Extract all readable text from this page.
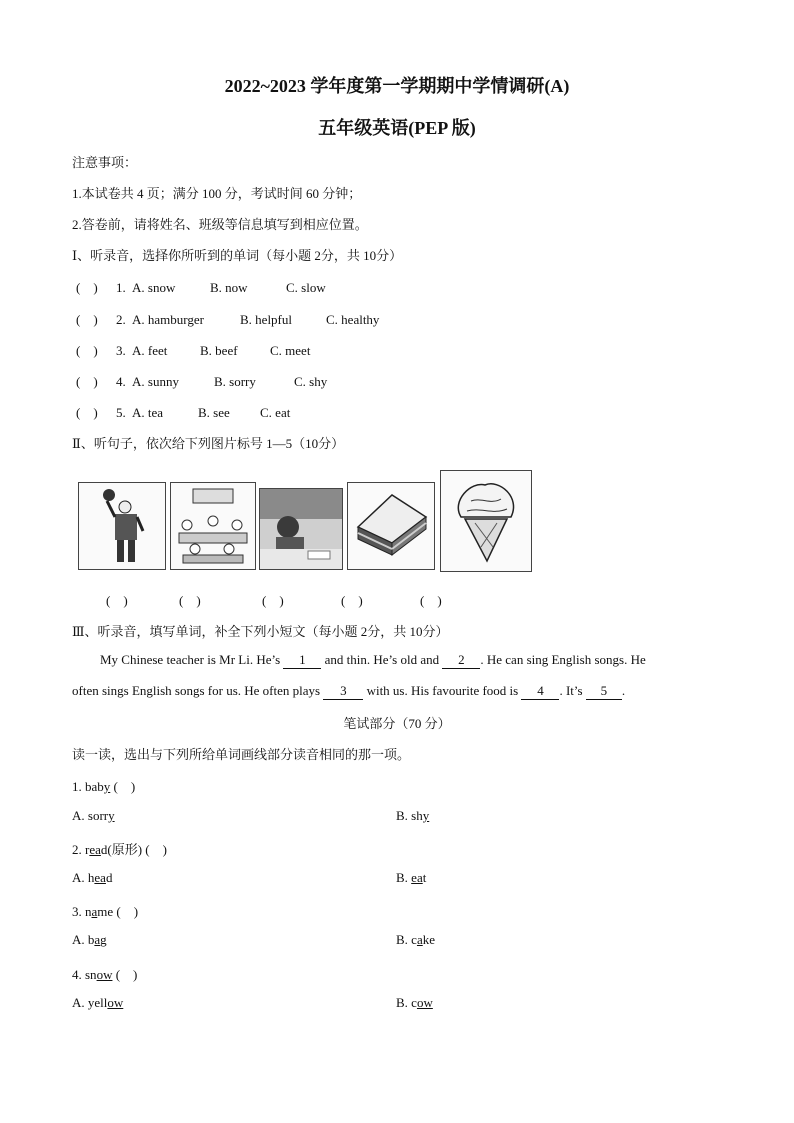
2022~2023 学年度第一学期期中学情调研(A)
五年级英语(PEP 版)
注意事项：
1.本试卷共 4 页；满分 100 分，考试时间 60 分钟；
2.答卷前，请将姓名、班级等信息填写到相应位置。
Ⅰ、听录音，选择你所听到的单词（每小题 2分，共 10分）
(　) 1. A. snow	B. now	C. slow
(　) 2. A. hamburger	B. helpful	C. healthy
(　) 3. A. feet	B. beef C. meet
(　) 4. A. sunny	B. sorry	C. shy
(　) 5. A. tea	B. see C. eat
Ⅱ、听句子，依次给下列图片标号 1—5（10分）
(　)	(　)	(　)	(　)	(　)
Ⅲ、听录音，填写单词，补全下列小短文（每小题 2分，共 10分）
My Chinese teacher is Mr Li. He’s 1 and thin. He’s old and 2 . He can sing English songs. He
often sings English songs for us. He often plays 3 with us. His favourite food is 4 . It’s 5 .
笔试部分（70 分）
读一读，选出与下列所给单词画线部分读音相同的那一项。
1. baby (　)
A. sorry	B. shy
2. read(原形) (　)
A. head	B. eat
3. name (　)
A. bag	B. cake
4. snow (　)
A. yellow	B. cow
